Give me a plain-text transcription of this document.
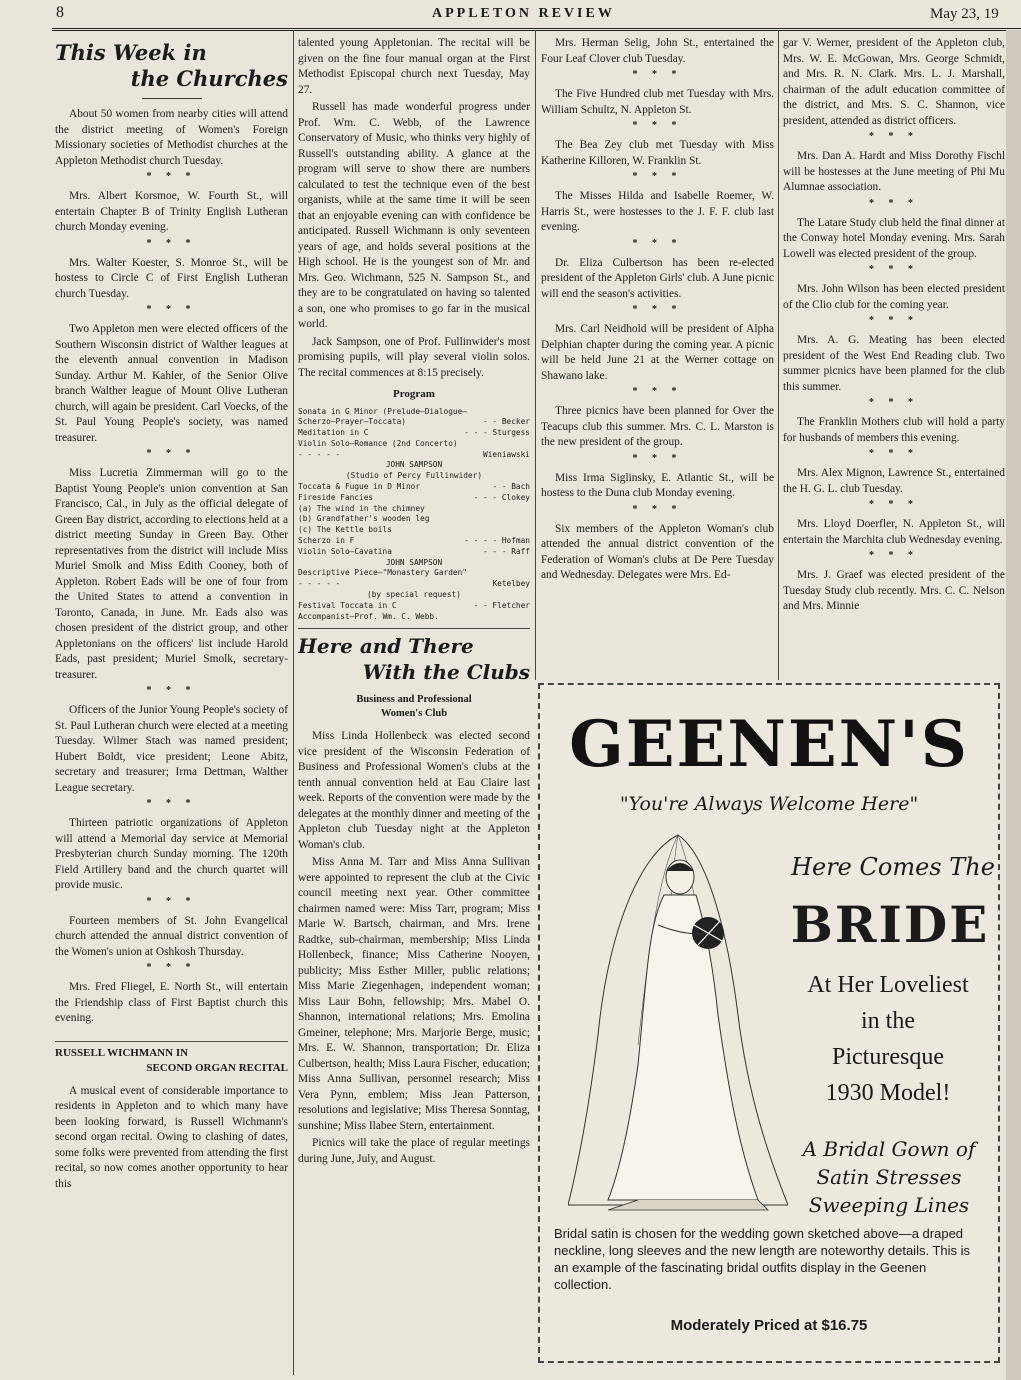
8	APPLETON REVIEW	May 23, 19
This Week in
the Churches

About 50 women from nearby cities will attend the district meeting of Women's Foreign Missionary societies of Methodist churches at the Appleton Methodist church Tuesday.

* * *

Mrs. Albert Korsmoe, W. Fourth St., will entertain Chapter B of Trinity English Lutheran church Monday evening.

* * *

Mrs. Walter Koester, S. Monroe St., will be hostess to Circle C of First English Lutheran church Tuesday.

* * *

Two Appleton men were elected officers of the Southern Wisconsin district of Walther leagues at the eleventh annual convention in Madison Sunday. Arthur M. Kahler, of the Senior Olive branch Walther league of Mount Olive Lutheran church, will again be president. Carl Voecks, of the St. Paul Young People's society, was named treasurer.

* * *

Miss Lucretia Zimmerman will go to the Baptist Young People's union convention at San Francisco, Cal., in July as the official delegate of Green Bay district, according to elections held at a district meeting Sunday in Green Bay. Other representatives from the district will include Miss Muriel Smolk and Miss Edith Cooney, both of Appleton. Robert Eads will be one of four from the United States to attend a convention in Toronto, Canada, in June. Mr. Eads also was chosen president of the district group, and other Appletonians on the officers' list include Harold Eads, past president; Muriel Smolk, secretary-treasurer.

* * *

Officers of the Junior Young People's society of St. Paul Lutheran church were elected at a meeting Tuesday. Wilmer Stach was named president; Hubert Boldt, vice president; Leone Abitz, secretary and treasurer; Irma Dettman, Walther League secretary.

* * *

Thirteen patriotic organizations of Appleton will attend a Memorial day service at Memorial Presbyterian church Sunday morning. The 120th Field Artillery band and the church quartet will provide music.

* * *

Fourteen members of St. John Evangelical church attended the annual district convention of the Women's union at Oshkosh Thursday.

* * *

Mrs. Fred Fliegel, E. North St., will entertain the Friendship class of First Baptist church this evening.

RUSSELL WICHMANN IN
SECOND ORGAN RECITAL

A musical event of considerable importance to residents in Appleton and to which many have been looking forward, is Russell Wichmann's second organ recital. Owing to clashing of dates, some folks were prevented from attending the first recital, so now comes another opportunity to hear this

talented young Appletonian. The recital will be given on the fine four manual organ at the First Methodist Episcopal church next Tuesday, May 27.

Russell has made wonderful progress under Prof. Wm. C. Webb, of the Lawrence Conservatory of Music, who thinks very highly of Russell's outstanding ability. A glance at the program will serve to show there are numbers calculated to test the technique even of the best organists, while at the same time it will be seen that an enjoyable evening can with confidence be anticipated. Russell Wichmann is only seventeen years of age, and holds several positions at the High school. He is the youngest son of Mr. and Mrs. Geo. Wichmann, 525 N. Sampson St., and they are to be congratulated on having so talented a son, one who promises to go far in the musical world.

Jack Sampson, one of Prof. Fullinwider's most promising pupils, will play several violin solos. The recital commences at 8:15 precisely.

Program
Sonata in G Minor (Prelude—Dialogue—
Scherzo—Prayer—Toccata)	- - Becker
Meditation in C	- - - Sturgess
Violin Solo—Romance (2nd Concerto)
- - - - -	Wieniawski
JOHN SAMPSON
(Studio of Percy Fullinwider)
Toccata & Fugue in D Minor	- - Bach
Fireside Fancies	- - - Clokey
(a) The wind in the chimney
(b) Grandfather's wooden leg
(c) The Kettle boils
Scherzo in F	- - - - Hofman
Violin Solo—Cavatina	- - - Raff
JOHN SAMPSON
Descriptive Piece—"Monastery Garden"
- - - - -	Ketelbey
(by special request)
Festival Toccata in C	- - Fletcher
Accompanist—Prof. Wm. C. Webb.
Here and There
With the Clubs
Business and Professional
Women's Club

Miss Linda Hollenbeck was elected second vice president of the Wisconsin Federation of Business and Professional Women's clubs at the tenth annual convention held at Eau Claire last week. Reports of the convention were made by the delegates at the monthly dinner and meeting of the Appleton club Tuesday night at the Appleton Woman's club.

Miss Anna M. Tarr and Miss Anna Sullivan were appointed to represent the club at the Civic council meeting next year. Other committee chairmen named were: Miss Tarr, program; Miss Marie W. Bartsch, chairman, and Mrs. Irene Radtke, sub-chairman, membership; Miss Linda Hollenbeck, finance; Miss Catherine Nooyen, publicity; Miss Esther Miller, public relations; Miss Marie Ziegenhagen, independent woman; Miss Laur Bohn, fellowship; Mrs. Mabel O. Shannon, international relations; Mrs. Emolina Gmeiner, telephone; Mrs. Marjorie Berge, music; Mrs. E. W. Shannon, transportation; Dr. Eliza Culbertson, health; Miss Laura Fischer, education; Miss Anna Sullivan, personnel research; Miss Vera Pynn, emblem; Miss Jean Patterson, resolutions and legislative; Miss Theresa Sonntag, sunshine; Miss Ilabee Stern, entertainment.

Picnics will take the place of regular meetings during June, July, and August.

Mrs. Herman Selig, John St., entertained the Four Leaf Clover club Tuesday.

* * *

The Five Hundred club met Tuesday with Mrs. William Schultz, N. Appleton St.

* * *

The Bea Zey club met Tuesday with Miss Katherine Killoren, W. Franklin St.

* * *

The Misses Hilda and Isabelle Roemer, W. Harris St., were hostesses to the J. F. F. club last evening.

* * *

Dr. Eliza Culbertson has been re-elected president of the Appleton Girls' club. A June picnic will end the season's activities.

* * *

Mrs. Carl Neidhold will be president of Alpha Delphian chapter during the coming year. A picnic will be held June 21 at the Werner cottage on Shawano lake.

* * *

Three picnics have been planned for Over the Teacups club this summer. Mrs. C. L. Marston is the new president of the group.

* * *

Miss Irma Siglinsky, E. Atlantic St., will be hostess to the Duna club Monday evening.

* * *

Six members of the Appleton Woman's club attended the annual district convention of the Federation of Woman's clubs at De Pere Tuesday and Wednesday. Delegates were Mrs. Ed-

gar V. Werner, president of the Appleton club, Mrs. W. E. McGowan, Mrs. George Schmidt, and Mrs. R. N. Clark. Mrs. L. J. Marshall, chairman of the adult education committee of the district, and Mrs. S. C. Shannon, vice president, attended as district officers.

* * *

Mrs. Dan A. Hardt and Miss Dorothy Fischl will be hostesses at the June meeting of Phi Mu Alumnae association.

* * *

The Latare Study club held the final dinner at the Conway hotel Monday evening. Mrs. Sarah Lowell was elected president of the group.

* * *

Mrs. John Wilson has been elected president of the Clio club for the coming year.

* * *

Mrs. A. G. Meating has been elected president of the West End Reading club. Two summer picnics have been planned for the club this summer.

* * *

The Franklin Mothers club will hold a party for husbands of members this evening.

* * *

Mrs. Alex Mignon, Lawrence St., entertained the H. G. L. club Tuesday.

* * *

Mrs. Lloyd Doerfler, N. Appleton St., will entertain the Marchita club Wednesday evening.

* * *

Mrs. J. Graef was elected president of the Tuesday Study club recently. Mrs. C. C. Nelson and Mrs. Minnie

GEENEN'S
"You're Always Welcome Here"
Here Comes The
BRIDE
At Her Loveliest
in the
Picturesque
1930 Model!
A Bridal Gown of
Satin Stresses
Sweeping Lines
Bridal satin is chosen for the wedding gown sketched above—a draped neckline, long sleeves and the new length are noteworthy details. This is an example of the fascinating bridal outfits display in the Geenen collection.
Moderately Priced at $16.75
